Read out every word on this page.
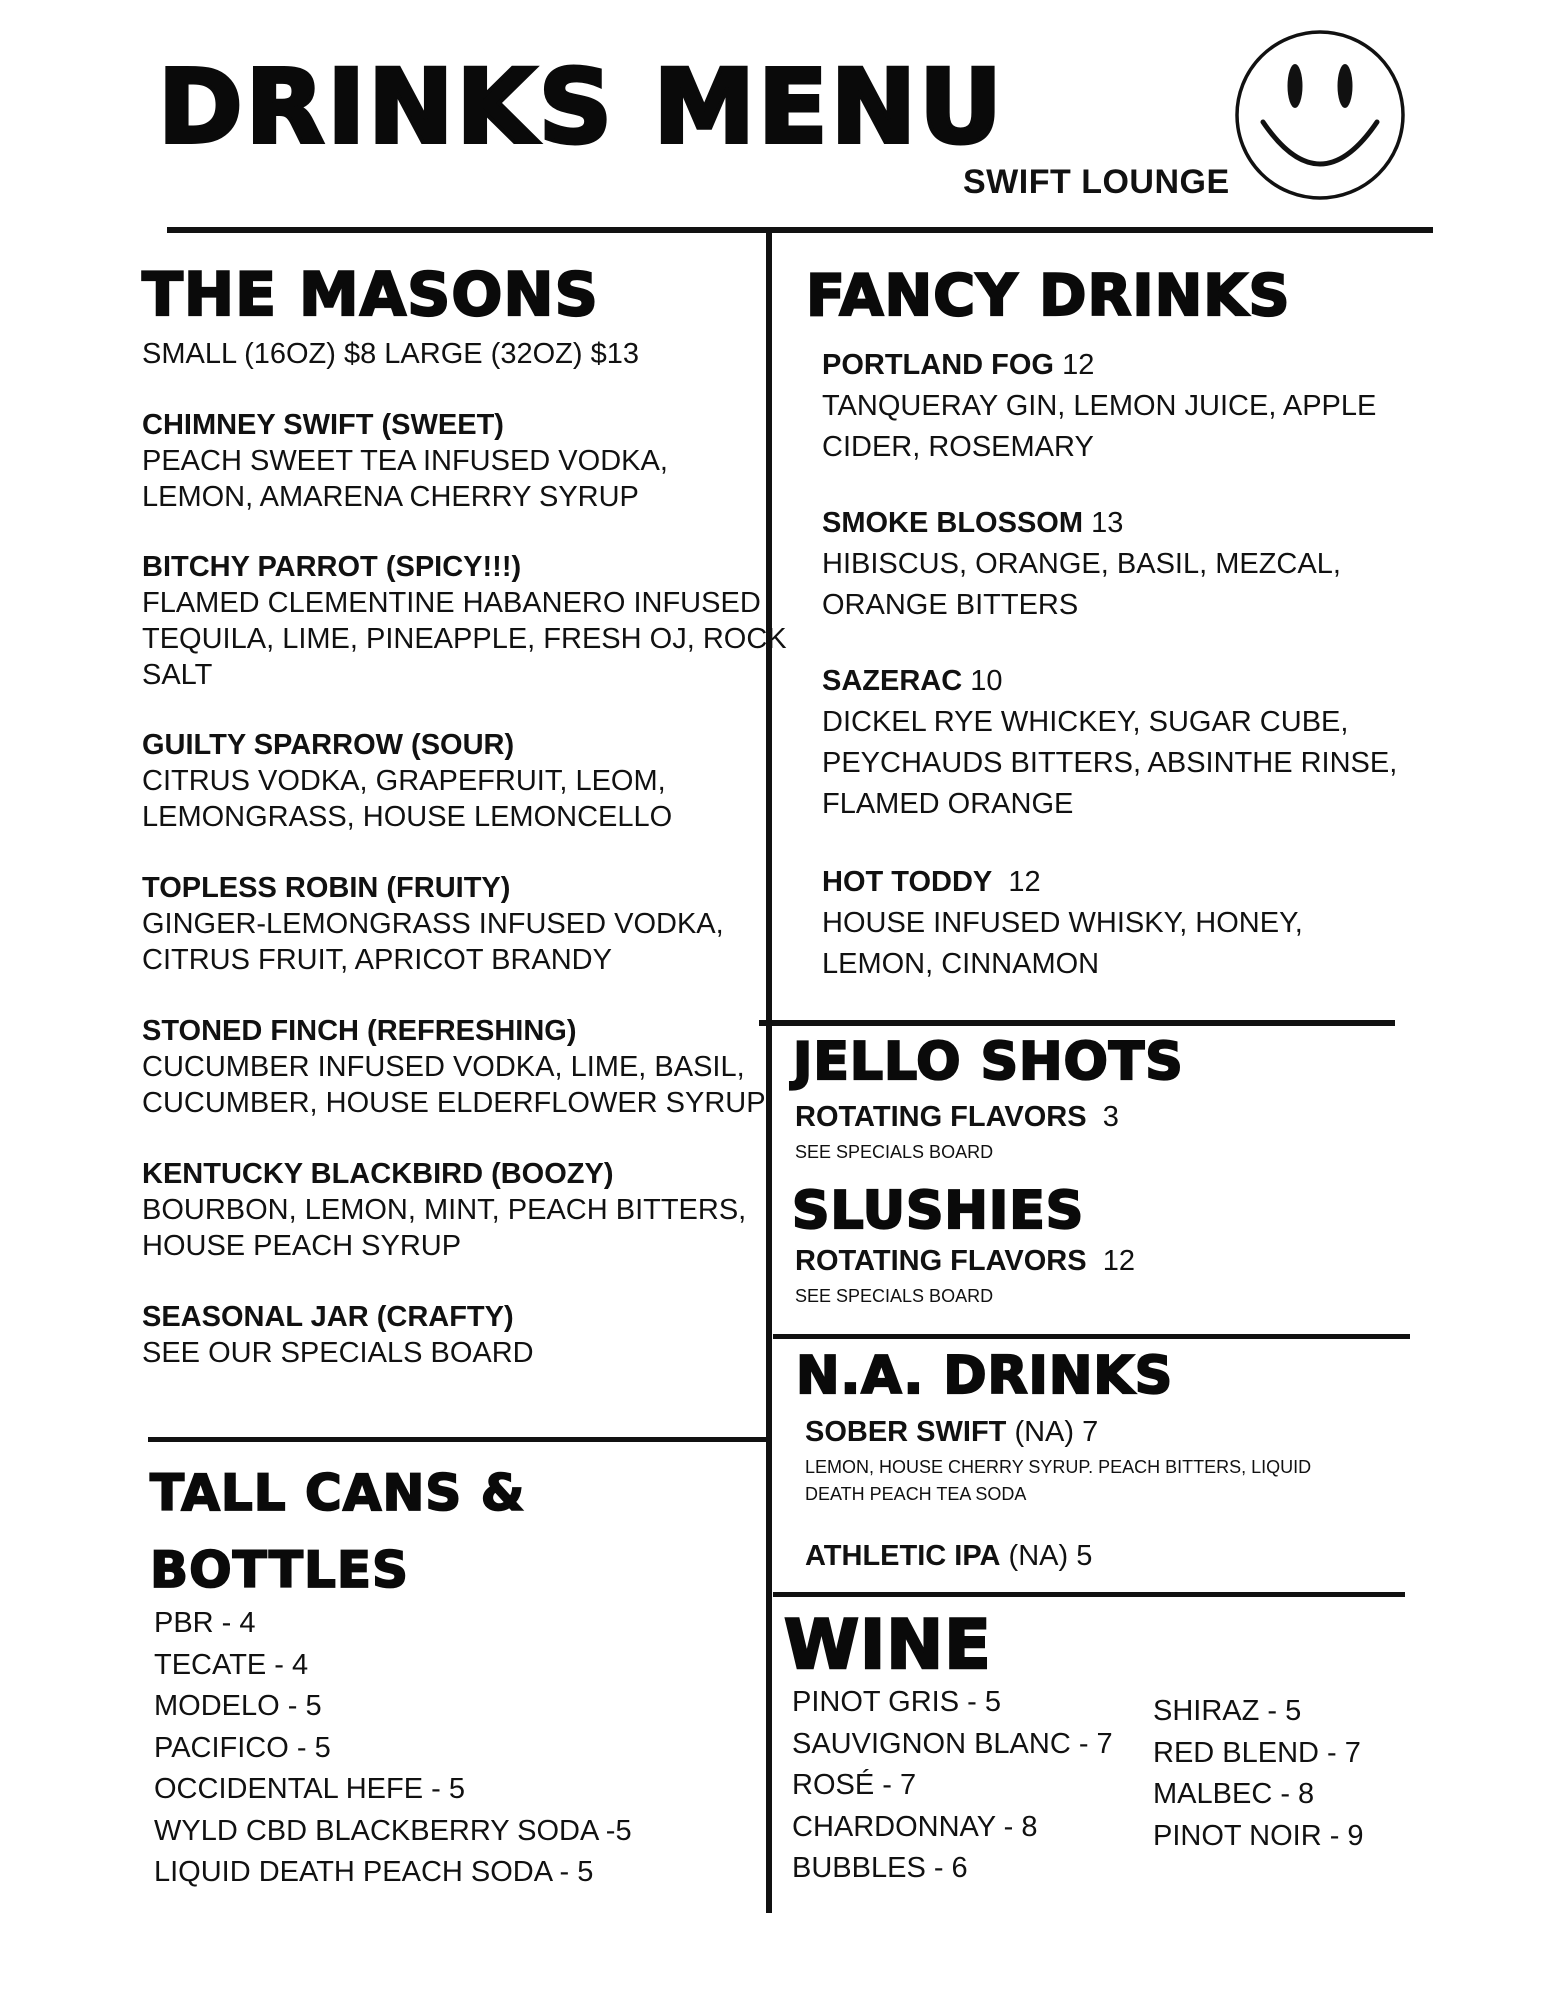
DRINKS MENU
SWIFT LOUNGE
THE MASONS
SMALL (16OZ) $8 LARGE (32OZ) $13
CHIMNEY SWIFT (SWEET)
PEACH SWEET TEA INFUSED VODKA,
LEMON, AMARENA CHERRY SYRUP
BITCHY PARROT (SPICY!!!)
FLAMED CLEMENTINE HABANERO INFUSED
TEQUILA, LIME, PINEAPPLE, FRESH OJ, ROCK
SALT
GUILTY SPARROW (SOUR)
CITRUS VODKA, GRAPEFRUIT, LEOM,
LEMONGRASS, HOUSE LEMONCELLO
TOPLESS ROBIN (FRUITY)
GINGER-LEMONGRASS INFUSED VODKA,
CITRUS FRUIT, APRICOT BRANDY
STONED FINCH (REFRESHING)
CUCUMBER INFUSED VODKA, LIME, BASIL,
CUCUMBER, HOUSE ELDERFLOWER SYRUP
KENTUCKY BLACKBIRD (BOOZY)
BOURBON, LEMON, MINT, PEACH BITTERS,
HOUSE PEACH SYRUP
SEASONAL JAR (CRAFTY)
SEE OUR SPECIALS BOARD
TALL CANS &
BOTTLES
PBR - 4
TECATE - 4
MODELO - 5
PACIFICO - 5
OCCIDENTAL HEFE - 5
WYLD CBD BLACKBERRY SODA -5
LIQUID DEATH PEACH SODA - 5
FANCY DRINKS
PORTLAND FOG 12
TANQUERAY GIN, LEMON JUICE, APPLE
CIDER, ROSEMARY
SMOKE BLOSSOM 13
HIBISCUS, ORANGE, BASIL, MEZCAL,
ORANGE BITTERS
SAZERAC 10
DICKEL RYE WHICKEY, SUGAR CUBE,
PEYCHAUDS BITTERS, ABSINTHE RINSE,
FLAMED ORANGE
HOT TODDY 12
HOUSE INFUSED WHISKY, HONEY,
LEMON, CINNAMON
JELLO SHOTS
ROTATING FLAVORS 3
SEE SPECIALS BOARD
SLUSHIES
ROTATING FLAVORS 12
SEE SPECIALS BOARD
N.A. DRINKS
SOBER SWIFT (NA) 7
LEMON, HOUSE CHERRY SYRUP. PEACH BITTERS, LIQUID
DEATH PEACH TEA SODA
ATHLETIC IPA (NA) 5
WINE
PINOT GRIS - 5
SAUVIGNON BLANC - 7
ROSÉ - 7
CHARDONNAY - 8
BUBBLES - 6
SHIRAZ - 5
RED BLEND - 7
MALBEC - 8
PINOT NOIR - 9
